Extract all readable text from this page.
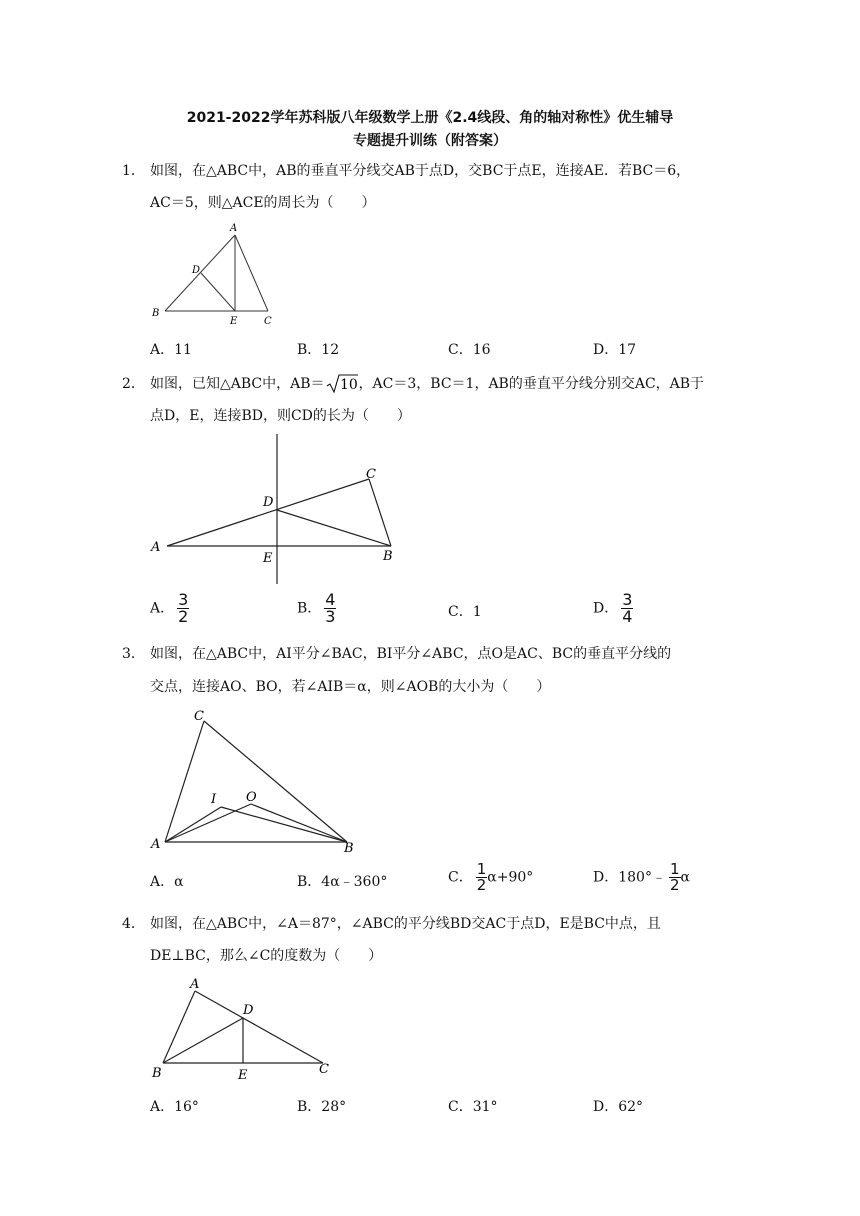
2021-2022学年苏科版八年级数学上册《2.4线段、角的轴对称性》优生辅导
专题提升训练（附答案）
1． 如图，在△ABC中，AB的垂直平分线交AB于点D，交BC于点E，连接AE．若BC＝6，
AC＝5，则△ACE的周长为（　　）
A
D
B
E	C
A．11	B．12	C．16	D．17
2． 如图，已知△ABC中，AB＝ 10 ，AC＝3，BC＝1，AB的垂直平分线分别交AC，AB于
点D，E，连接BD，则CD的长为（　　）
A
D
C
E	B
A． $\frac{3}{2}$	B． $\frac{4}{3}$	C．1	D． $\frac{3}{4}$
3． 如图，在△ABC中，AI平分∠BAC，BI平分∠ABC，点O是AC、BC的垂直平分线的
交点，连接AO、BO，若∠AIB＝α，则∠AOB的大小为（　　）
C
I O
A	B
A．α	B．4α﹣360°	C． $\frac{1}{2} \alpha+90^\circ$	D．180°﹣ $\frac{1}{2}$ α
4． 如图，在△ABC中，∠A＝87°，∠ABC的平分线BD交AC于点D，E是BC中点，且
DE⊥BC，那么∠C的度数为（　　）
A
D
B	E	C
A．16°	B．28°	C．31°	D．62°
